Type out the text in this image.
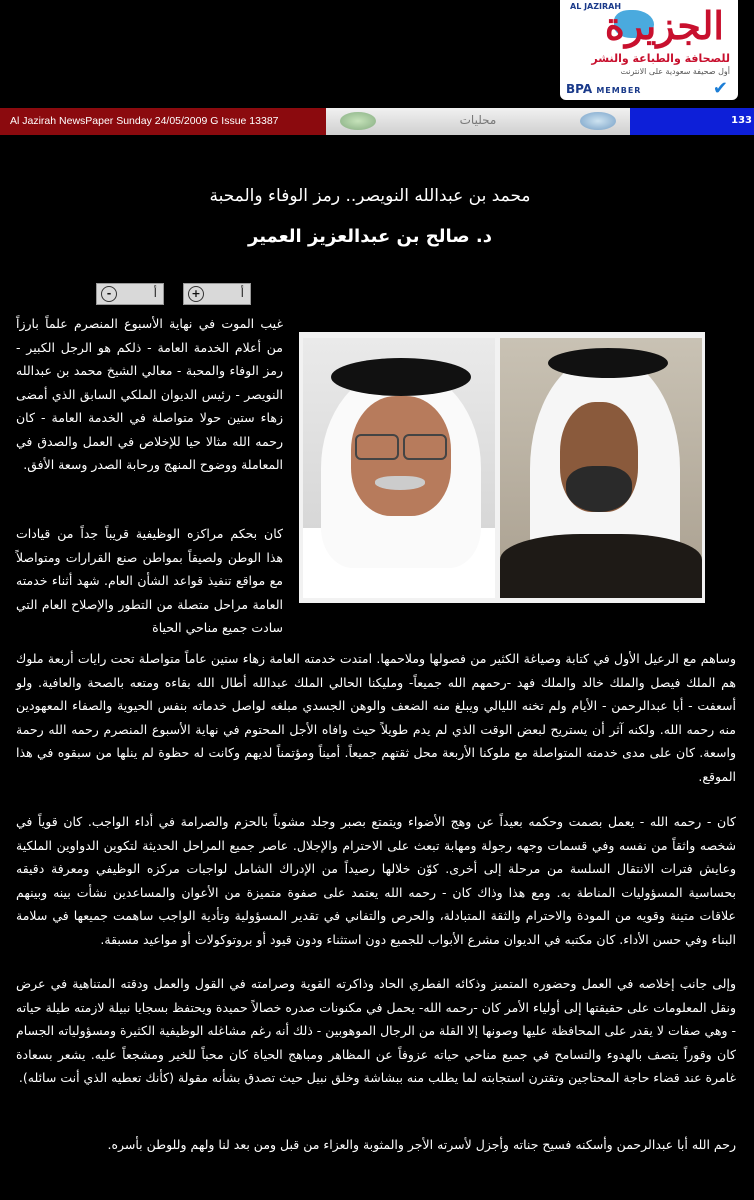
AL JAZIRAH
الجزيرة
للصحافة والطباعة والنشر
أول صحيفة سعودية على الانترنت
BPA MEMBER	✔
Al Jazirah NewsPaper Sunday 24/05/2009 G Issue 13387	محليات	133
محمد بن عبدالله النويصر.. رمز الوفاء والمحبة
د. صالح بن عبدالعزيز العمير
-	أ	+	أ

غيب الموت في نهاية الأسبوع المنصرم علماً بارزاً من أعلام الخدمة العامة - ذلكم هو الرجل الكبير - رمز الوفاء والمحبة - معالي الشيخ محمد بن عبدالله النويصر - رئيس الديوان الملكي السابق الذي أمضى زهاء ستين حولا متواصلة في الخدمة العامة - كان رحمه الله مثالا حيا للإخلاص في العمل والصدق في المعاملة ووضوح المنهج ورحابة الصدر وسعة الأفق.

كان بحكم مراكزه الوظيفية قريباً جداً من قيادات هذا الوطن ولصيقاً بمواطن صنع القرارات ومتواصلاً مع مواقع تنفيذ قواعد الشأن العام. شهد أثناء خدمته العامة مراحل متصلة من التطور والإصلاح العام التي سادت جميع مناحي الحياة

وساهم مع الرعيل الأول في كتابة وصياغة الكثير من فصولها وملاحمها. امتدت خدمته العامة زهاء ستين عاماً متواصلة تحت رايات أربعة ملوك هم الملك فيصل والملك خالد والملك فهد -رحمهم الله جميعاً- ومليكنا الحالي الملك عبدالله أطال الله بقاءه ومتعه بالصحة والعافية. ولو أسعفت - أبا عبدالرحمن - الأيام ولم تخنه الليالي ويبلغ منه الضعف والوهن الجسدي مبلغه لواصل خدماته بنفس الحيوية والصفاء المعهودين منه رحمه الله. ولكنه آثر أن يستريح لبعض الوقت الذي لم يدم طويلاً حيث وافاه الأجل المحتوم في نهاية الأسبوع المنصرم رحمه الله رحمة واسعة. كان على مدى خدمته المتواصلة مع ملوكنا الأربعة محل ثقتهم جميعاً. أميناً ومؤتمناً لديهم وكانت له حظوة لم ينلها من سبقوه في هذا الموقع.

كان - رحمه الله - يعمل بصمت وحكمه بعيداً عن وهج الأضواء ويتمتع بصبر وجلد مشوباً بالحزم والصرامة في أداء الواجب. كان قوياً في شخصه واثقاً من نفسه وفي قسمات وجهه رجولة ومهابة تبعث على الاحترام والإجلال. عاصر جميع المراحل الحديثة لتكوين الدواوين الملكية وعايش فترات الانتقال السلسة من مرحلة إلى أخرى. كوّن خلالها رصيداً من الإدراك الشامل لواجبات مركزه الوظيفي ومعرفة دقيقه بحساسية المسؤوليات المناطة به. ومع هذا وذاك كان - رحمه الله يعتمد على صفوة متميزة من الأعوان والمساعدين نشأت بينه وبينهم علاقات متينة وقويه من المودة والاحترام والثقة المتبادلة، والحرص والتفاني في تقدير المسؤولية وتأدية الواجب ساهمت جميعها في سلامة البناء وفي حسن الأداء. كان مكتبه في الديوان مشرع الأبواب للجميع دون استثناء ودون قيود أو بروتوكولات أو مواعيد مسبقة.

وإلى جانب إخلاصه في العمل وحضوره المتميز وذكائه الفطري الحاد وذاكرته القوية وصرامته في القول والعمل ودقته المتناهية في عرض ونقل المعلومات على حقيقتها إلى أولياء الأمر كان -رحمه الله- يحمل في مكنونات صدره خصالاً حميدة ويحتفظ بسجايا نبيلة لازمته طيلة حياته - وهي صفات لا يقدر على المحافظة عليها وصونها إلا القلة من الرجال الموهوبين - ذلك أنه رغم مشاغله الوظيفية الكثيرة ومسؤولياته الجسام كان وقوراً يتصف بالهدوء والتسامح في جميع مناحي حياته عزوفاً عن المظاهر ومباهج الحياة كان محباً للخير ومشجعاً عليه. يشعر بسعادة غامرة عند قضاء حاجة المحتاجين وتقترن استجابته لما يطلب منه ببشاشة وخلق نبيل حيث تصدق بشأنه مقولة (كأنك تعطيه الذي أنت سائله).

رحم الله أبا عبدالرحمن وأسكنه فسيح جناته وأجزل لأسرته الأجر والمثوبة والعزاء من قبل ومن بعد لنا ولهم وللوطن بأسره.
